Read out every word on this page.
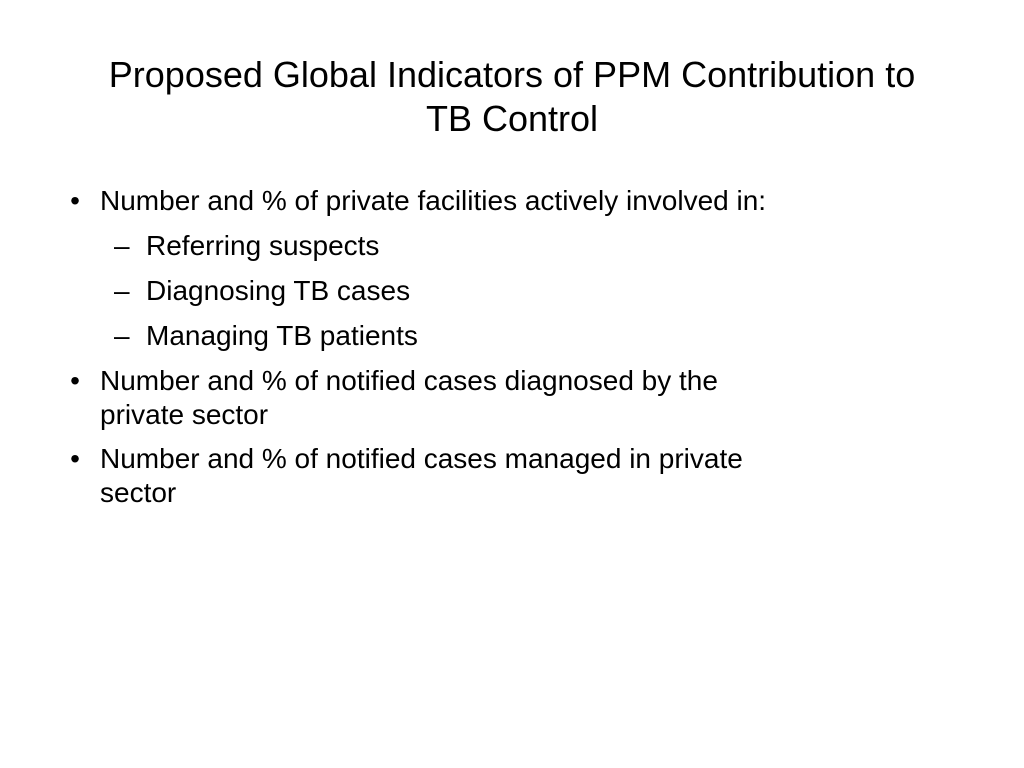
Proposed Global Indicators of PPM Contribution to
TB Control
• Number and % of private facilities actively involved in:
– Referring suspects
– Diagnosing TB cases
– Managing TB patients
• Number and % of notified cases diagnosed by the
private sector
• Number and % of notified cases managed in private
sector
